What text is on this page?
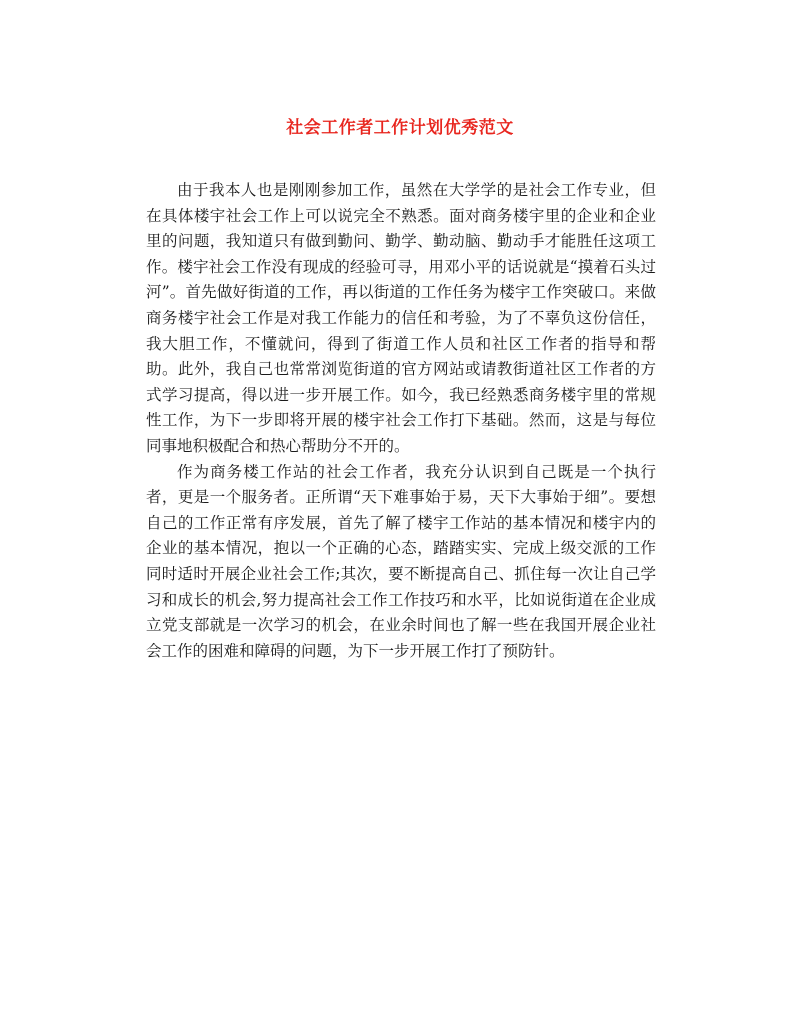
社会工作者工作计划优秀范文

由于我本人也是刚刚参加工作，虽然在大学学的是社会工作专业，但在具体楼宇社会工作上可以说完全不熟悉。面对商务楼宇里的企业和企业里的问题，我知道只有做到勤问、勤学、勤动脑、勤动手才能胜任这项工作。楼宇社会工作没有现成的经验可寻，用邓小平的话说就是“摸着石头过河”。首先做好街道的工作，再以街道的工作任务为楼宇工作突破口。来做商务楼宇社会工作是对我工作能力的信任和考验，为了不辜负这份信任，我大胆工作，不懂就问，得到了街道工作人员和社区工作者的指导和帮助。此外，我自己也常常浏览街道的官方网站或请教街道社区工作者的方式学习提高，得以进一步开展工作。如今，我已经熟悉商务楼宇里的常规性工作，为下一步即将开展的楼宇社会工作打下基础。然而，这是与每位同事地积极配合和热心帮助分不开的。

作为商务楼工作站的社会工作者，我充分认识到自己既是一个执行者，更是一个服务者。正所谓“天下难事始于易，天下大事始于细”。要想自己的工作正常有序发展，首先了解了楼宇工作站的基本情况和楼宇内的企业的基本情况，抱以一个正确的心态，踏踏实实、完成上级交派的工作同时适时开展企业社会工作;其次，要不断提高自己、抓住每一次让自己学习和成长的机会,努力提高社会工作工作技巧和水平，比如说街道在企业成立党支部就是一次学习的机会，在业余时间也了解一些在我国开展企业社会工作的困难和障碍的问题，为下一步开展工作打了预防针。
